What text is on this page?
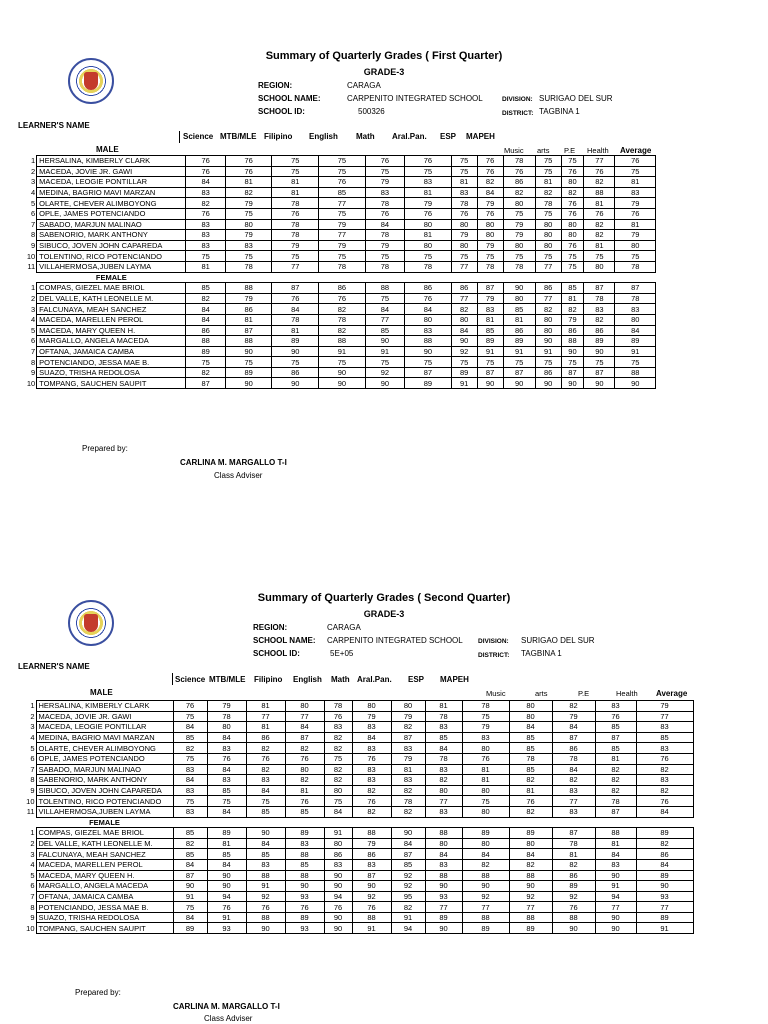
Summary of Quarterly Grades ( First Quarter)
GRADE-3
REGION:	CARAGA
SCHOOL NAME:	CARPENITO INTEGRATED SCHOOL	DIVISION: SURIGAO DEL SUR
SCHOOL ID:	500326	DISTRICT: TAGBINA 1
LEARNER'S NAME
Science MTB/MLE Filipino English Math Aral.Pan. ESP MAPEH
MALE	Music arts P.E Health Average
1	HERSALINA, KIMBERLY CLARK	76	76	75	75	76	76	75	76	78	75	75	77	76
2	MACEDA, JOVIE JR. GAWI	76	76	75	75	75	75	75	76	76	75	76	76	75
3	MACEDA, LEOGIE PONTILLAR	84	81	81	76	79	83	81	82	86	81	80	82	81
4	MEDINA, BAGRIO MAVI MARZAN	83	82	81	85	83	81	83	84	82	82	82	88	83
5	OLARTE, CHEVER ALIMBOYONG	82	79	78	77	78	79	78	79	80	78	76	81	79
6	OPLE, JAMES POTENCIANDO	76	75	76	75	76	76	76	76	75	75	76	76	76
7	SABADO, MARJUN MALINAO	83	80	78	79	84	80	80	80	79	80	80	82	81
8	SABENORIO, MARK ANTHONY	83	79	78	77	78	81	79	80	79	80	80	82	79
9	SIBUCO, JOVEN JOHN CAPAREDA	83	83	79	79	79	80	80	79	80	80	76	81	80
10	TOLENTINO, RICO POTENCIANDO	75	75	75	75	75	75	75	75	75	75	75	75	75
11	VILLAHERMOSA,JUBEN LAYMA	81	78	77	78	78	78	77	78	78	77	75	80	78
	FEMALE													
1	COMPAS, GIEZEL MAE BRIOL	85	88	87	86	88	86	86	87	90	86	85	87	87
2	DEL VALLE, KATH LEONELLE M.	82	79	76	76	75	76	77	79	80	77	81	78	78
3	FALCUNAYA, MEAH SANCHEZ	84	86	84	82	84	84	82	83	85	82	82	83	83
4	MACEDA, MARELLEN PEROL	84	81	78	78	77	80	80	81	81	80	79	82	80
5	MACEDA, MARY QUEEN H.	86	87	81	82	85	83	84	85	86	80	86	86	84
6	MARGALLO, ANGELA MACEDA	88	88	89	88	90	88	90	89	89	90	88	89	89
7	OFTANA, JAMAICA CAMBA	89	90	90	91	91	90	92	91	91	91	90	90	91
8	POTENCIANDO, JESSA MAE B.	75	75	75	75	75	75	75	75	75	75	75	75	75
9	SUAZO, TRISHA REDOLOSA	82	89	86	90	92	87	89	87	87	86	87	87	88
10	TOMPANG, SAUCHEN SAUPIT	87	90	90	90	90	89	91	90	90	90	90	90	90
Prepared by:
CARLINA M. MARGALLO T-I
Class Adviser
Summary of Quarterly Grades ( Second Quarter)
GRADE-3
REGION:	CARAGA
SCHOOL NAME: CARPENITO INTEGRATED SCHOOL DIVISION: SURIGAO DEL SUR
SCHOOL ID:	5E+05	DISTRICT: TAGBINA 1
LEARNER'S NAME
Science MTB/MLE Filipino English Math Aral.Pan. ESP MAPEH
MALE	Music	arts	P.E	Health Average
1	HERSALINA, KIMBERLY CLARK	76	79	81	80	78	80	80	81	78	80	82	83	79
2	MACEDA, JOVIE JR. GAWI	75	78	77	77	76	79	79	78	75	80	79	76	77
3	MACEDA, LEOGIE PONTILLAR	84	80	81	84	83	83	82	83	79	84	84	85	83
4	MEDINA, BAGRIO MAVI MARZAN	85	84	86	87	82	84	87	85	83	85	87	87	85
5	OLARTE, CHEVER ALIMBOYONG	82	83	82	82	82	83	83	84	80	85	86	85	83
6	OPLE, JAMES POTENCIANDO	75	76	76	76	75	76	79	78	76	78	78	81	76
7	SABADO, MARJUN MALINAO	83	84	82	80	82	83	81	83	81	85	84	82	82
8	SABENORIO, MARK ANTHONY	84	83	83	82	82	83	83	82	81	82	82	82	83
9	SIBUCO, JOVEN JOHN CAPAREDA	83	85	84	81	80	82	82	80	80	81	83	82	82
10	TOLENTINO, RICO POTENCIANDO	75	75	75	76	75	76	78	77	75	76	77	78	76
11	VILLAHERMOSA,JUBEN LAYMA	83	84	85	85	84	82	82	83	80	82	83	87	84
	FEMALE													
1	COMPAS, GIEZEL MAE BRIOL	85	89	90	89	91	88	90	88	89	89	87	88	89
2	DEL VALLE, KATH LEONELLE M.	82	81	84	83	80	79	84	80	80	80	78	81	82
3	FALCUNAYA, MEAH SANCHEZ	85	85	85	88	86	86	87	84	84	84	81	84	86
4	MACEDA, MARELLEN PEROL	84	84	83	85	83	83	85	83	82	82	82	83	84
5	MACEDA, MARY QUEEN H.	87	90	88	88	90	87	92	88	88	88	86	90	89
6	MARGALLO, ANGELA MACEDA	90	90	91	90	90	90	92	90	90	90	89	91	90
7	OFTANA, JAMAICA CAMBA	91	94	92	93	94	92	95	93	92	92	92	94	93
8	POTENCIANDO, JESSA MAE B.	75	76	76	76	76	76	82	77	77	77	76	77	77
9	SUAZO, TRISHA REDOLOSA	84	91	88	89	90	88	91	89	88	88	88	90	89
10	TOMPANG, SAUCHEN SAUPIT	89	93	90	93	90	91	94	90	89	89	90	90	91
Prepared by:
CARLINA M. MARGALLO T-I
Class Adviser
